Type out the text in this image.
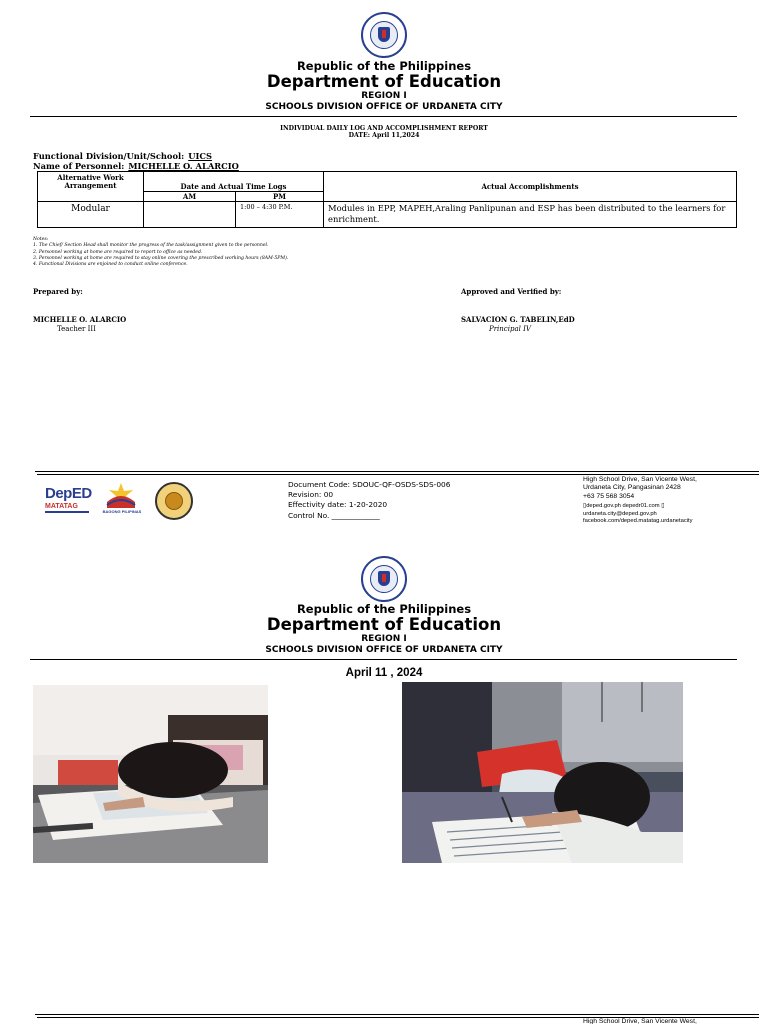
Republic of the Philippines
Department of Education
REGION I
SCHOOLS DIVISION OFFICE OF URDANETA CITY
INDIVIDUAL DAILY LOG AND ACCOMPLISHMENT REPORT
DATE: April 11,2024
Functional Division/Unit/School: UICS
Name of Personnel: MICHELLE O. ALARCIO
Alternative Work Arrangement	Date and Actual Time Logs		Actual Accomplishments
	AM	PM	
Modular		1:00 – 4:30 P.M.	Modules in EPP, MAPEH,Araling Panlipunan and ESP has been distributed to the learners for enrichment.
Notes:
1. The Chief/ Section Head shall monitor the progress of the task/assignment given to the personnel.
2. Personnel working at home are required to report to office as needed.
3. Personnel working at home are required to stay online covering the prescribed working hours (8AM-5PM).
4. Functional Divisions are enjoined to conduct online conference.
Prepared by:
MICHELLE O. ALARCIO
Teacher III
Approved and Verified by:
SALVACION G. TABELIN,EdD
Principal IV
DepED
MATATAG
BAGONG PILIPINAS
Document Code: SDOUC-QF-OSDS-SDS-006
Revision: 00
Effectivity date: 1-20-2020
Control No. _____________
High School Drive, San Vicente West,
Urdaneta City, Pangasinan 2428
+63 75 568 3054
▯deped.gov.ph depedr01.com ▯
urdaneta.city@deped.gov.ph
facebook.com/deped.matatag.urdanetacity
Republic of the Philippines
Department of Education
REGION I
SCHOOLS DIVISION OFFICE OF URDANETA CITY
April 11 , 2024
High School Drive, San Vicente West,
